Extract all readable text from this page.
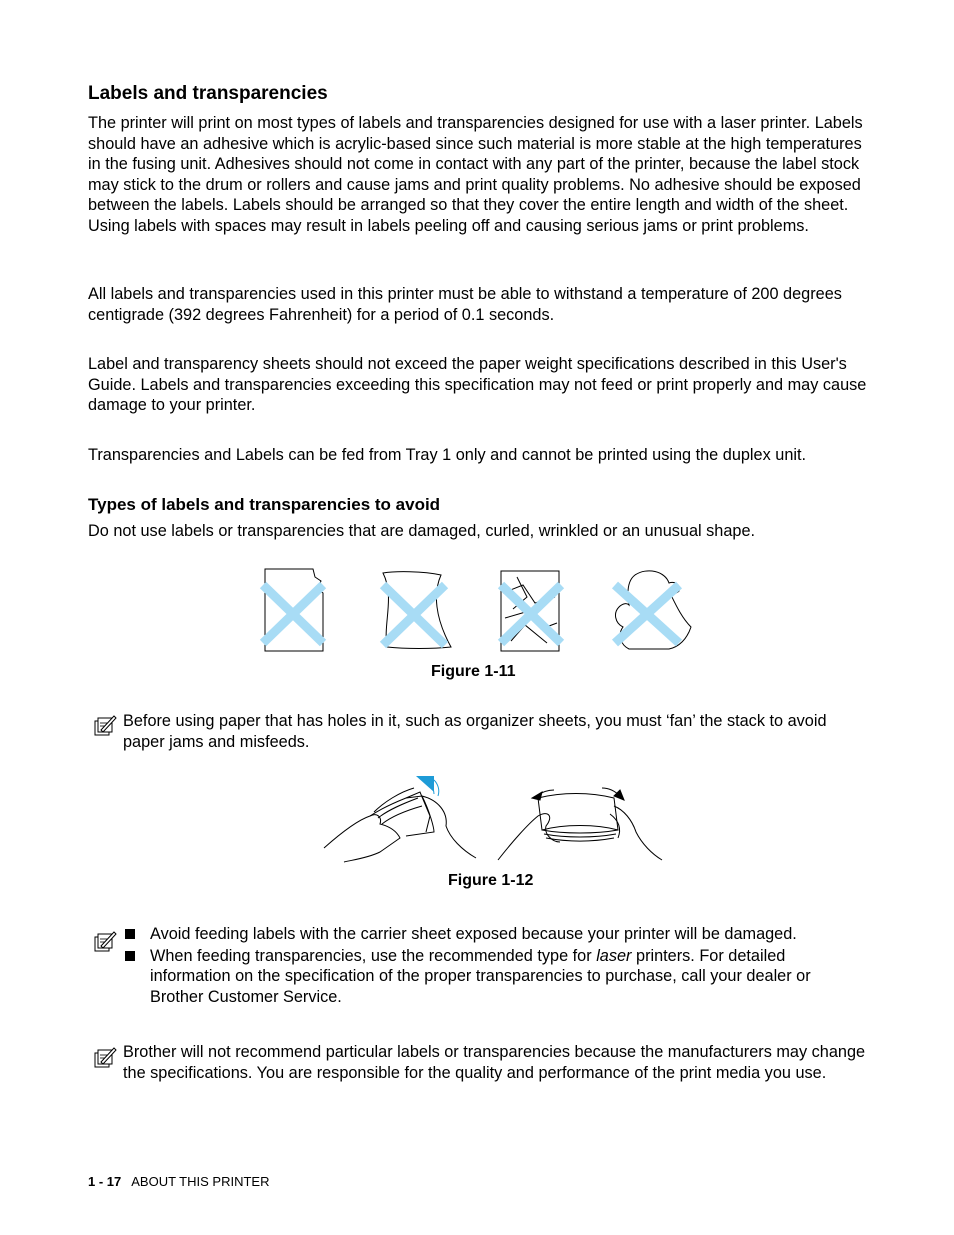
Labels and transparencies

The printer will print on most types of labels and transparencies designed for use with a laser printer. Labels should have an adhesive which is acrylic-based since such material is more stable at the high temperatures in the fusing unit. Adhesives should not come in contact with any part of the printer, because the label stock may stick to the drum or rollers and cause jams and print quality problems. No adhesive should be exposed between the labels. Labels should be arranged so that they cover the entire length and width of the sheet. Using labels with spaces may result in labels peeling off and causing serious jams or print problems.

All labels and transparencies used in this printer must be able to withstand a temperature of 200 degrees centigrade (392 degrees Fahrenheit) for a period of 0.1 seconds.

Label and transparency sheets should not exceed the paper weight specifications described in this User's Guide. Labels and transparencies exceeding this specification may not feed or print properly and may cause damage to your printer.

Transparencies and Labels can be fed from Tray 1 only and cannot be printed using the duplex unit.

Types of labels and transparencies to avoid

Do not use labels or transparencies that are damaged, curled, wrinkled or an unusual shape.

Figure 1-11

Before using paper that has holes in it, such as organizer sheets, you must ‘fan’ the stack to avoid paper jams and misfeeds.

Figure 1-12
Avoid feeding labels with the carrier sheet exposed because your printer will be damaged.
When feeding transparencies, use the recommended type for laser printers. For detailed information on the specification of the proper transparencies to purchase, call your dealer or Brother Customer Service.

Brother will not recommend particular labels or transparencies because the manufacturers may change the specifications. You are responsible for the quality and performance of the print media you use.

1 - 17 ABOUT THIS PRINTER
